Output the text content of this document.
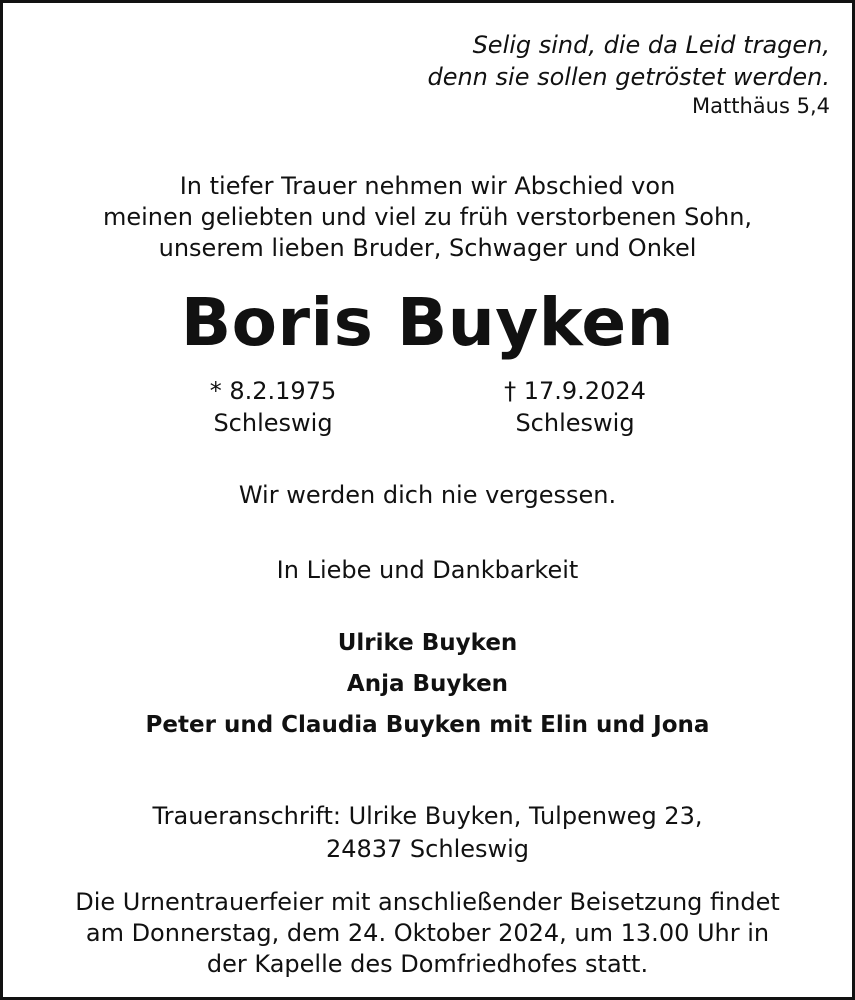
Selig sind, die da Leid tragen,
denn sie sollen getröstet werden.
Matthäus 5,4
In tiefer Trauer nehmen wir Abschied von
meinen geliebten und viel zu früh verstorbenen Sohn,
unserem lieben Bruder, Schwager und Onkel
Boris Buyken
* 8.2.1975
Schleswig
† 17.9.2024
Schleswig
Wir werden dich nie vergessen.
In Liebe und Dankbarkeit
Ulrike Buyken
Anja Buyken
Peter und Claudia Buyken mit Elin und Jona
Traueranschrift: Ulrike Buyken, Tulpenweg 23,
24837 Schleswig
Die Urnentrauerfeier mit anschließender Beisetzung findet
am Donnerstag, dem 24. Oktober 2024, um 13.00 Uhr in
der Kapelle des Domfriedhofes statt.
